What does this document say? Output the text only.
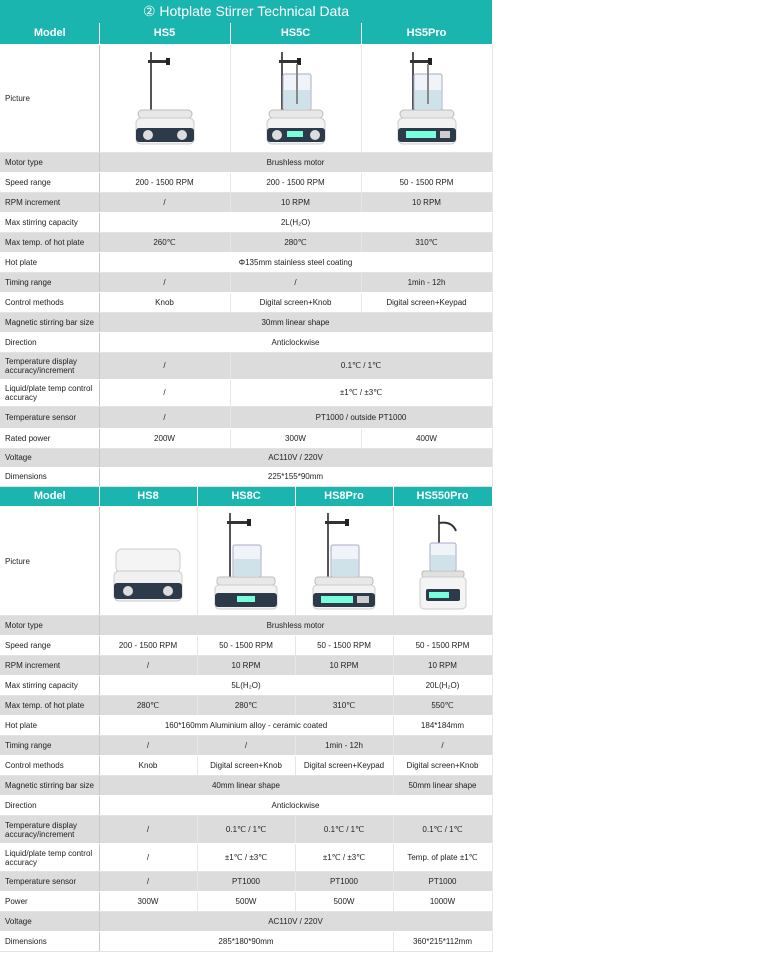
② Hotplate Stirrer Technical Data
Model	HS5	HS5C	HS5Pro
Picture	

Motor type	Brushless motor		
Speed range	200 - 1500 RPM	200 - 1500 RPM	50 - 1500 RPM
RPM increment	/	10 RPM	10 RPM
Max stirring capacity	2L(H₂O)		
Max temp. of hot plate	260℃	280℃	310℃
Hot plate	Φ135mm stainless steel coating		
Timing range	/	/	1min - 12h
Control methods	Knob	Digital screen+Knob	Digital screen+Keypad
Magnetic stirring bar size	30mm linear shape		
Direction	Anticlockwise		
Temperature display accuracy/increment	/	0.1℃ / 1℃	
Liquid/plate temp control accuracy	/	±1℃ / ±3℃	
Temperature sensor	/	PT1000 / outside PT1000	
Rated power	200W	300W	400W
Voltage	AC110V / 220V		
Dimensions	225*155*90mm		
Model	HS8	HS8C	HS8Pro	HS550Pro
Picture	

Motor type	Brushless motor			
Speed range	200 - 1500 RPM	50 - 1500 RPM	50 - 1500 RPM	50 - 1500 RPM
RPM increment	/	10 RPM	10 RPM	10 RPM
Max stirring capacity	5L(H₂O)			20L(H₂O)
Max temp. of hot plate	280℃	280℃	310℃	550℃
Hot plate	160*160mm Aluminium alloy - ceramic coated			184*184mm
Timing range	/	/	1min - 12h	/
Control methods	Knob	Digital screen+Knob	Digital screen+Keypad	Digital screen+Knob
Magnetic stirring bar size	40mm linear shape			50mm linear shape
Direction	Anticlockwise			
Temperature display accuracy/increment	/	0.1℃ / 1℃	0.1℃ / 1℃	0.1℃ / 1℃
Liquid/plate temp control accuracy	/	±1℃ / ±3℃	±1℃ / ±3℃	Temp. of plate ±1℃
Temperature sensor	/	PT1000	PT1000	PT1000
Power	300W	500W	500W	1000W
Voltage	AC110V / 220V			
Dimensions	285*180*90mm			360*215*112mm
